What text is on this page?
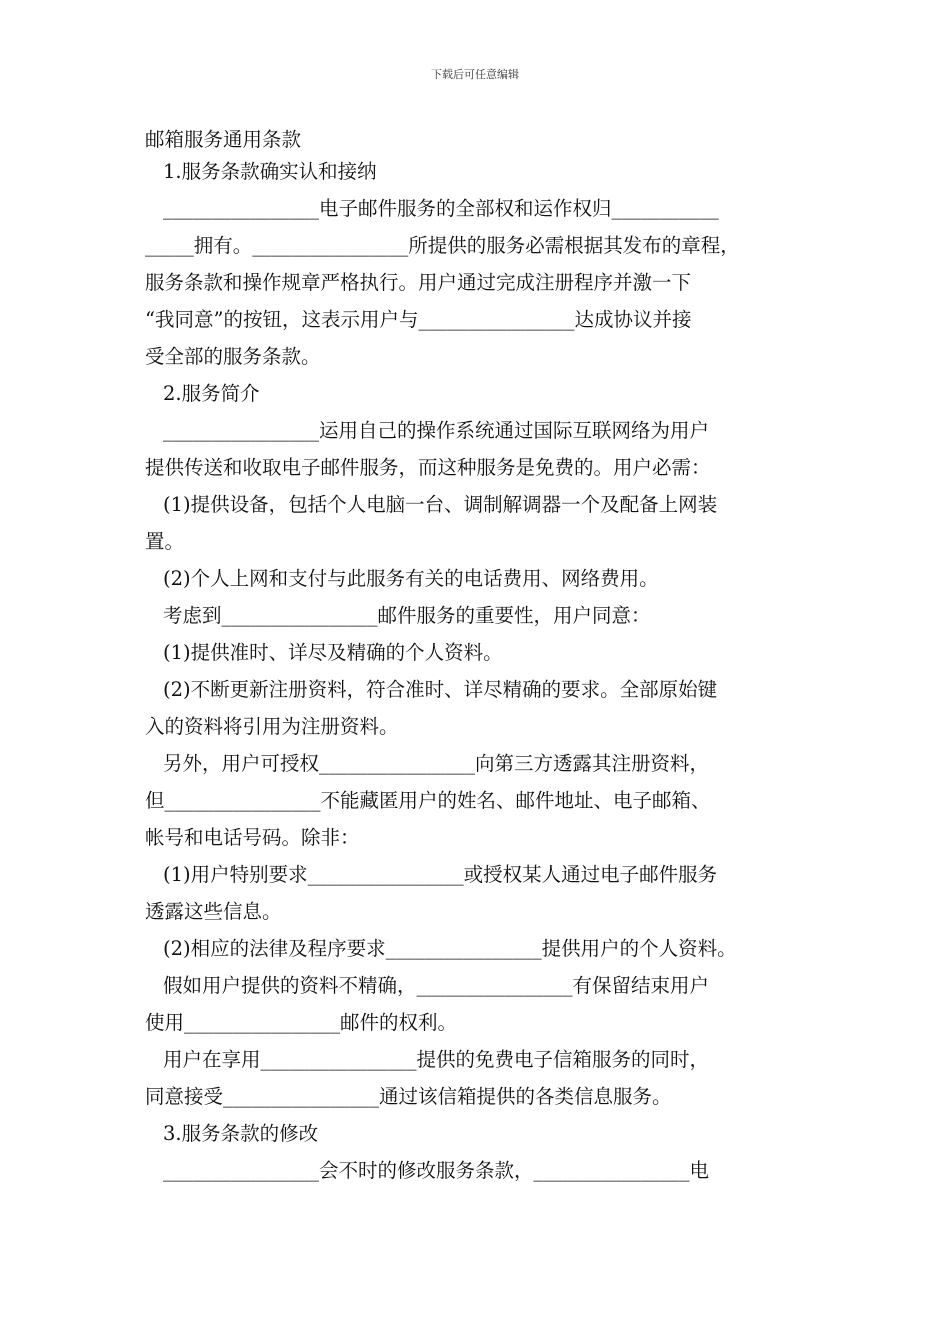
下载后可任意编辑
邮箱服务通用条款
1.服务条款确实认和接纳
________________电子邮件服务的全部权和运作权归___________
_____拥有。________________所提供的服务必需根据其发布的章程，
服务条款和操作规章严格执行。用户通过完成注册程序并激一下
“我同意”的按钮，这表示用户与________________达成协议并接
受全部的服务条款。
2.服务简介
________________运用自己的操作系统通过国际互联网络为用户
提供传送和收取电子邮件服务，而这种服务是免费的。用户必需：
(1)提供设备，包括个人电脑一台、调制解调器一个及配备上网装
置。
(2)个人上网和支付与此服务有关的电话费用、网络费用。
考虑到________________邮件服务的重要性，用户同意：
(1)提供准时、详尽及精确的个人资料。
(2)不断更新注册资料，符合准时、详尽精确的要求。全部原始键
入的资料将引用为注册资料。
另外，用户可授权________________向第三方透露其注册资料，
但________________不能藏匿用户的姓名、邮件地址、电子邮箱、
帐号和电话号码。除非：
(1)用户特别要求________________或授权某人通过电子邮件服务
透露这些信息。
(2)相应的法律及程序要求________________提供用户的个人资料。
假如用户提供的资料不精确，________________有保留结束用户
使用________________邮件的权利。
用户在享用________________提供的免费电子信箱服务的同时，
同意接受________________通过该信箱提供的各类信息服务。
3.服务条款的修改
________________会不时的修改服务条款，________________电
